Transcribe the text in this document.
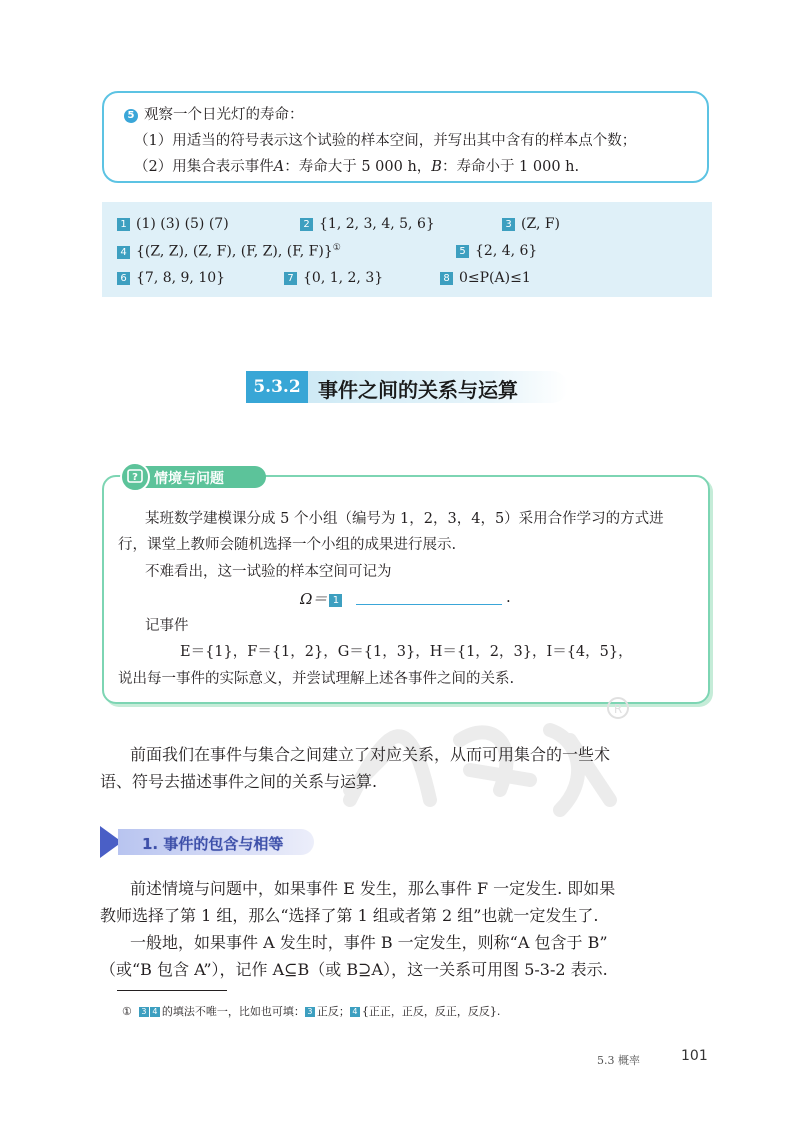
5 观察一个日光灯的寿命：
（1）用适当的符号表示这个试验的样本空间，并写出其中含有的样本点个数；
（2）用集合表示事件A：寿命大于 5 000 h，B：寿命小于 1 000 h.
1 (1) (3) (5) (7)	2 {1, 2, 3, 4, 5, 6}	3 (Z, F)
4 {(Z, Z), (Z, F), (F, Z), (F, F)}①	5 {2, 4, 6}
6 {7, 8, 9, 10}	7 {0, 1, 2, 3}	8 0≤P(A)≤1
5.3.2 事件之间的关系与运算
? 情境与问题
某班数学建模课分成 5 个小组（编号为 1，2，3，4，5）采用合作学习的方式进
行，课堂上教师会随机选择一个小组的成果进行展示.
不难看出，这一试验的样本空间可记为
Ω＝ 1	.
记事件
E＝{1}，F＝{1，2}，G＝{1，3}，H＝{1，2，3}，I＝{4，5}，
说出每一事件的实际意义，并尝试理解上述各事件之间的关系.
R
前面我们在事件与集合之间建立了对应关系，从而可用集合的一些术
语、符号去描述事件之间的关系与运算.
1. 事件的包含与相等
前述情境与问题中，如果事件 E 发生，那么事件 F 一定发生. 即如果
教师选择了第 1 组，那么“选择了第 1 组或者第 2 组”也就一定发生了.
一般地，如果事件 A 发生时，事件 B 一定发生，则称“A 包含于 B”
（或“B 包含 A”），记作 A⊆B（或 B⊇A），这一关系可用图 5-3-2 表示.
① 3 4 的填法不唯一，比如也可填： 3 正反； 4 {正正，正反，反正，反反}.
5.3 概率	101
